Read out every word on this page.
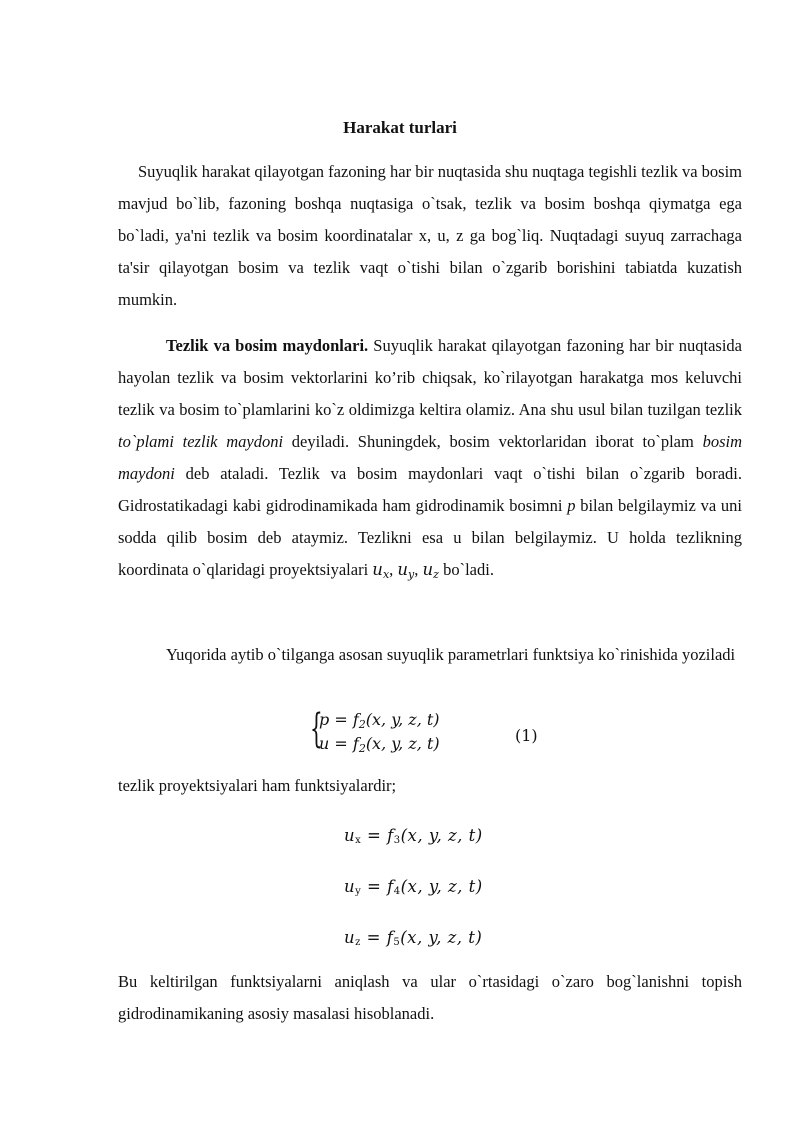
Harakat turlari

Suyuqlik harakat qilayotgan fazoning har bir nuqtasida shu nuqtaga tegishli tezlik va bosim mavjud bo`lib, fazoning boshqa nuqtasiga o`tsak, tezlik va bosim boshqa qiymatga ega bo`ladi, ya'ni tezlik va bosim koordinatalar x, u, z ga bog`liq. Nuqtadagi suyuq zarrachaga ta'sir qilayotgan bosim va tezlik vaqt o`tishi bilan o`zgarib borishini tabiatda kuzatish mumkin.

Tezlik va bosim maydonlari. Suyuqlik harakat qilayotgan fazoning har bir nuqtasida hayolan tezlik va bosim vektorlarini ko’rib chiqsak, ko`rilayotgan harakatga mos keluvchi tezlik va bosim to`plamlarini ko`z oldimizga keltira olamiz. Ana shu usul bilan tuzilgan tezlik to`plami tezlik maydoni deyiladi. Shuningdek, bosim vektorlaridan iborat to`plam bosim maydoni deb ataladi. Tezlik va bosim maydonlari vaqt o`tishi bilan o`zgarib boradi. Gidrostatikadagi kabi gidrodinamikada ham gidrodinamik bosimni p bilan belgilaymiz va uni sodda qilib bosim deb ataymiz. Tezlikni esa u bilan belgilaymiz. U holda tezlikning koordinata o`qlaridagi proyektsiyalari $u_x$, $u_y$, $u_z$ bo`ladi.

Yuqorida aytib o`tilganga asosan suyuqlik parametrlari funktsiya ko`rinishida yoziladi

{
$p = f_2(x$, y, z, t)
$u = f_2(x$, y, z, t)	(1)

tezlik proyektsiyalari ham funktsiyalardir;

ux = f3(x, y, z, t)
uy = f4(x, y, z, t)
uz = f5(x, y, z, t)

Bu keltirilgan funktsiyalarni aniqlash va ular o`rtasidagi o`zaro bog`lanishni topish gidrodinamikaning asosiy masalasi hisoblanadi.
